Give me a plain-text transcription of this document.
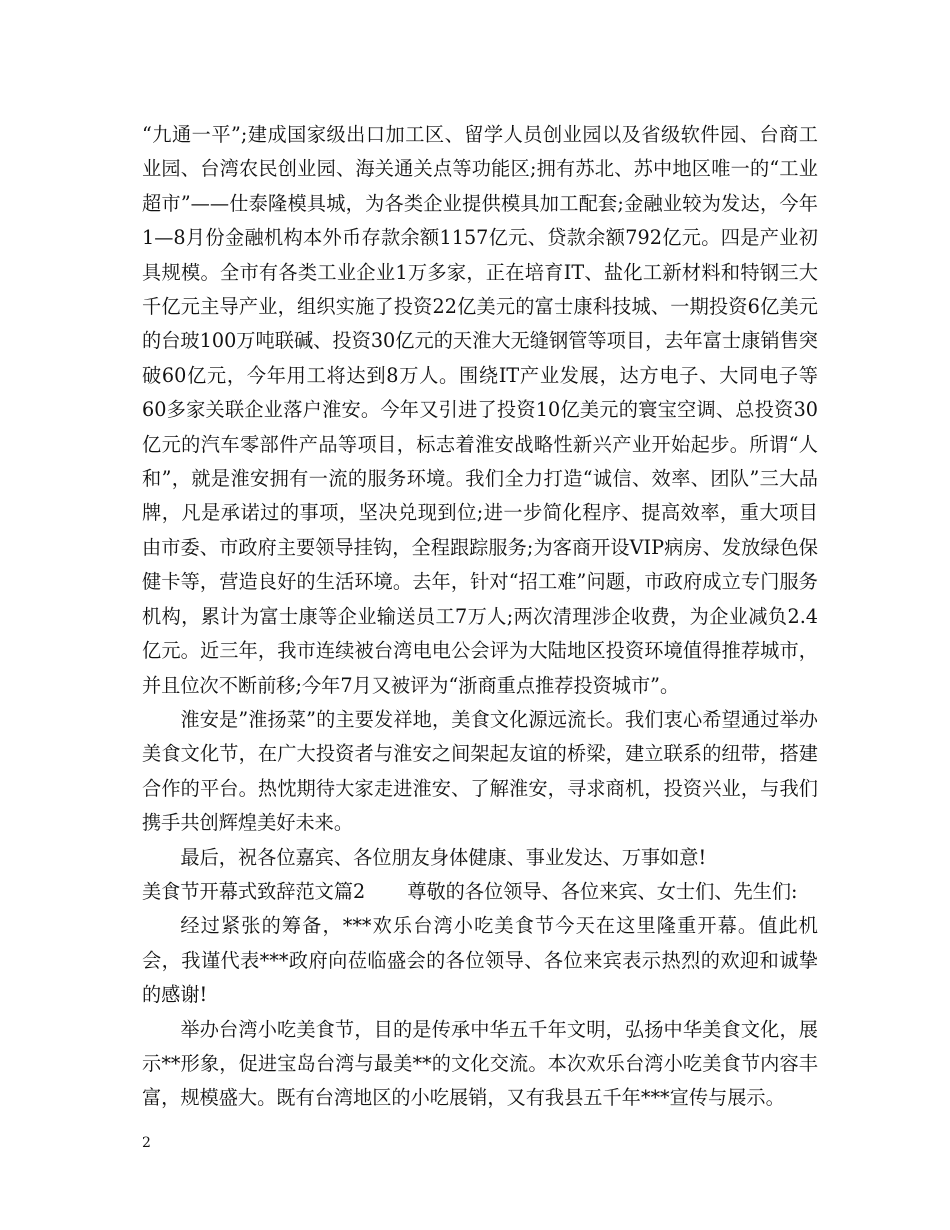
“九通一平”;建成国家级出口加工区、留学人员创业园以及省级软件园、台商工业园、台湾农民创业园、海关通关点等功能区;拥有苏北、苏中地区唯一的“工业超市”——仕泰隆模具城，为各类企业提供模具加工配套;金融业较为发达，今年1—8月份金融机构本外币存款余额1157亿元、贷款余额792亿元。四是产业初具规模。全市有各类工业企业1万多家，正在培育IT、盐化工新材料和特钢三大千亿元主导产业，组织实施了投资22亿美元的富士康科技城、一期投资6亿美元的台玻100万吨联碱、投资30亿元的天淮大无缝钢管等项目，去年富士康销售突破60亿元，今年用工将达到8万人。围绕IT产业发展，达方电子、大同电子等60多家关联企业落户淮安。今年又引进了投资10亿美元的寰宝空调、总投资30亿元的汽车零部件产品等项目，标志着淮安战略性新兴产业开始起步。所谓“人和”，就是淮安拥有一流的服务环境。我们全力打造“诚信、效率、团队”三大品牌，凡是承诺过的事项，坚决兑现到位;进一步简化程序、提高效率，重大项目由市委、市政府主要领导挂钩，全程跟踪服务;为客商开设VIP病房、发放绿色保健卡等，营造良好的生活环境。去年，针对“招工难”问题，市政府成立专门服务机构，累计为富士康等企业输送员工7万人;两次清理涉企收费，为企业减负2.4亿元。近三年，我市连续被台湾电电公会评为大陆地区投资环境值得推荐城市，并且位次不断前移;今年7月又被评为“浙商重点推荐投资城市”。

淮安是”淮扬菜”的主要发祥地，美食文化源远流长。我们衷心希望通过举办美食文化节，在广大投资者与淮安之间架起友谊的桥梁，建立联系的纽带，搭建合作的平台。热忱期待大家走进淮安、了解淮安，寻求商机，投资兴业，与我们携手共创辉煌美好未来。

最后，祝各位嘉宾、各位朋友身体健康、事业发达、万事如意!

美食节开幕式致辞范文篇2 尊敬的各位领导、各位来宾、女士们、先生们:

经过紧张的筹备，***欢乐台湾小吃美食节今天在这里隆重开幕。值此机会，我谨代表***政府向莅临盛会的各位领导、各位来宾表示热烈的欢迎和诚挚的感谢!

举办台湾小吃美食节，目的是传承中华五千年文明，弘扬中华美食文化，展示**形象，促进宝岛台湾与最美**的文化交流。本次欢乐台湾小吃美食节内容丰富，规模盛大。既有台湾地区的小吃展销，又有我县五千年***宣传与展示。

2
